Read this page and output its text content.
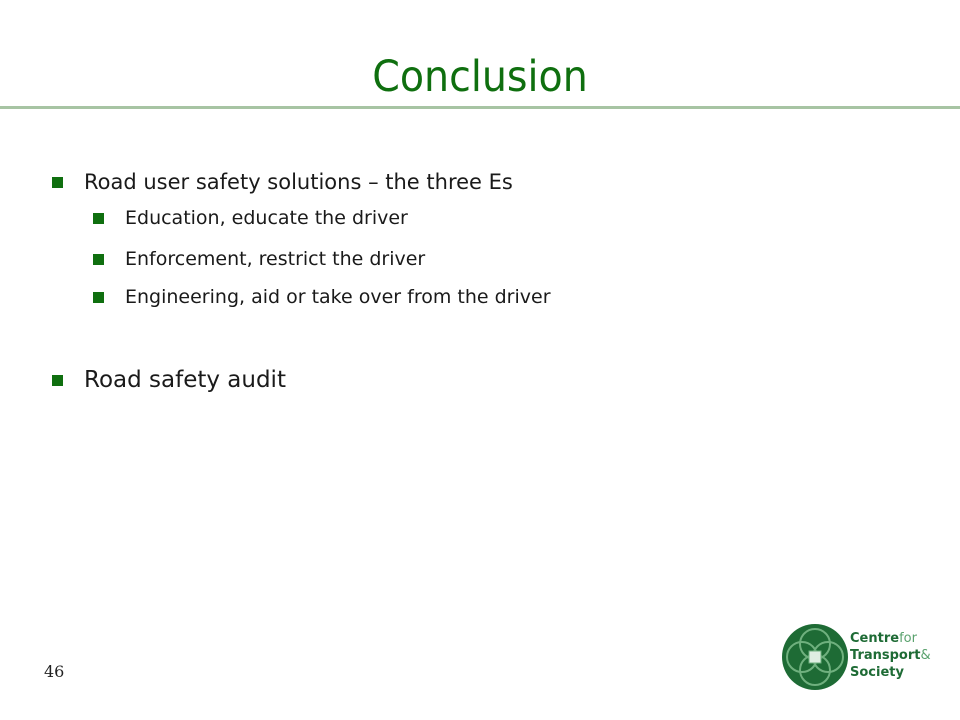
Conclusion
Road user safety solutions – the three Es
Education, educate the driver
Enforcement, restrict the driver
Engineering, aid or take over from the driver
Road safety audit
46
Centrefor
Transport&
Society
